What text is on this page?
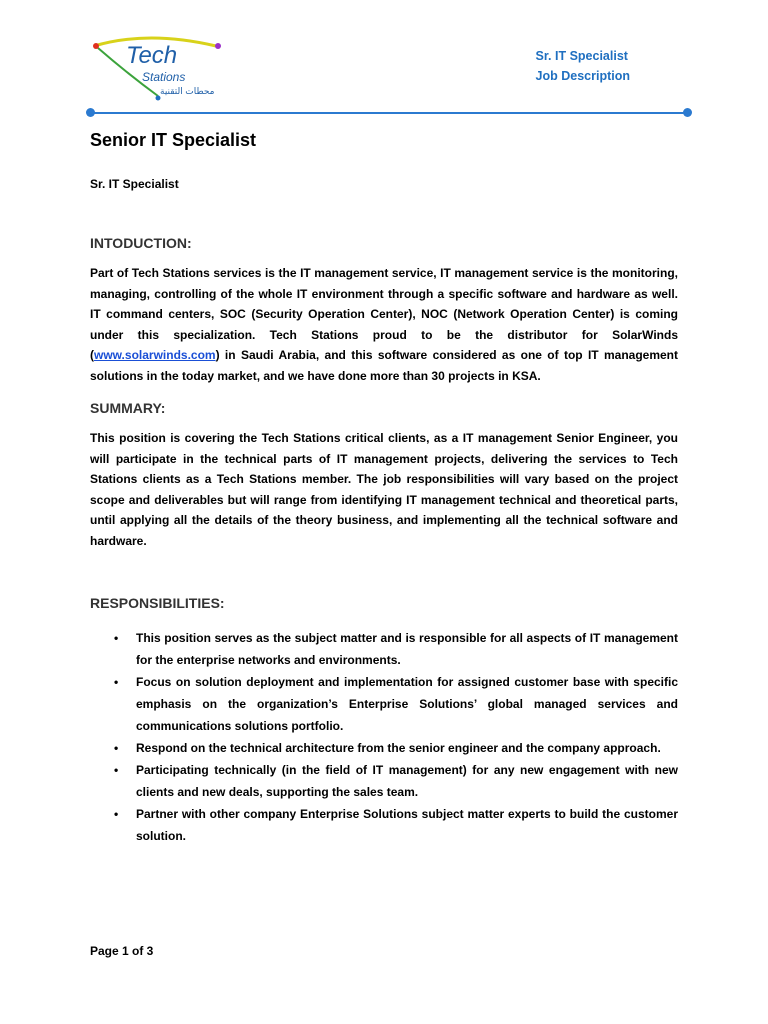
Tech
Stations
محطات التقنية
Sr. IT Specialist
Job Description
Senior IT Specialist
Sr. IT Specialist
INTODUCTION:

Part of Tech Stations services is the IT management service, IT management service is the monitoring, managing, controlling of the whole IT environment through a specific software and hardware as well. IT command centers, SOC (Security Operation Center), NOC (Network Operation Center) is coming under this specialization. Tech Stations proud to be the distributor for SolarWinds (www.solarwinds.com) in Saudi Arabia, and this software considered as one of top IT management solutions in the today market, and we have done more than 30 projects in KSA.

SUMMARY:

This position is covering the Tech Stations critical clients, as a IT management Senior Engineer, you will participate in the technical parts of IT management projects, delivering the services to Tech Stations clients as a Tech Stations member. The job responsibilities will vary based on the project scope and deliverables but will range from identifying IT management technical and theoretical parts, until applying all the details of the theory business, and implementing all the technical software and hardware.

RESPONSIBILITIES:
• This position serves as the subject matter and is responsible for all aspects of IT management for the enterprise networks and environments.
• Focus on solution deployment and implementation for assigned customer base with specific emphasis on the organization’s Enterprise Solutions’ global managed services and communications solutions portfolio.
• Respond on the technical architecture from the senior engineer and the company approach.
• Participating technically (in the field of IT management) for any new engagement with new clients and new deals, supporting the sales team.
• Partner with other company Enterprise Solutions subject matter experts to build the customer solution.
Page 1 of 3
